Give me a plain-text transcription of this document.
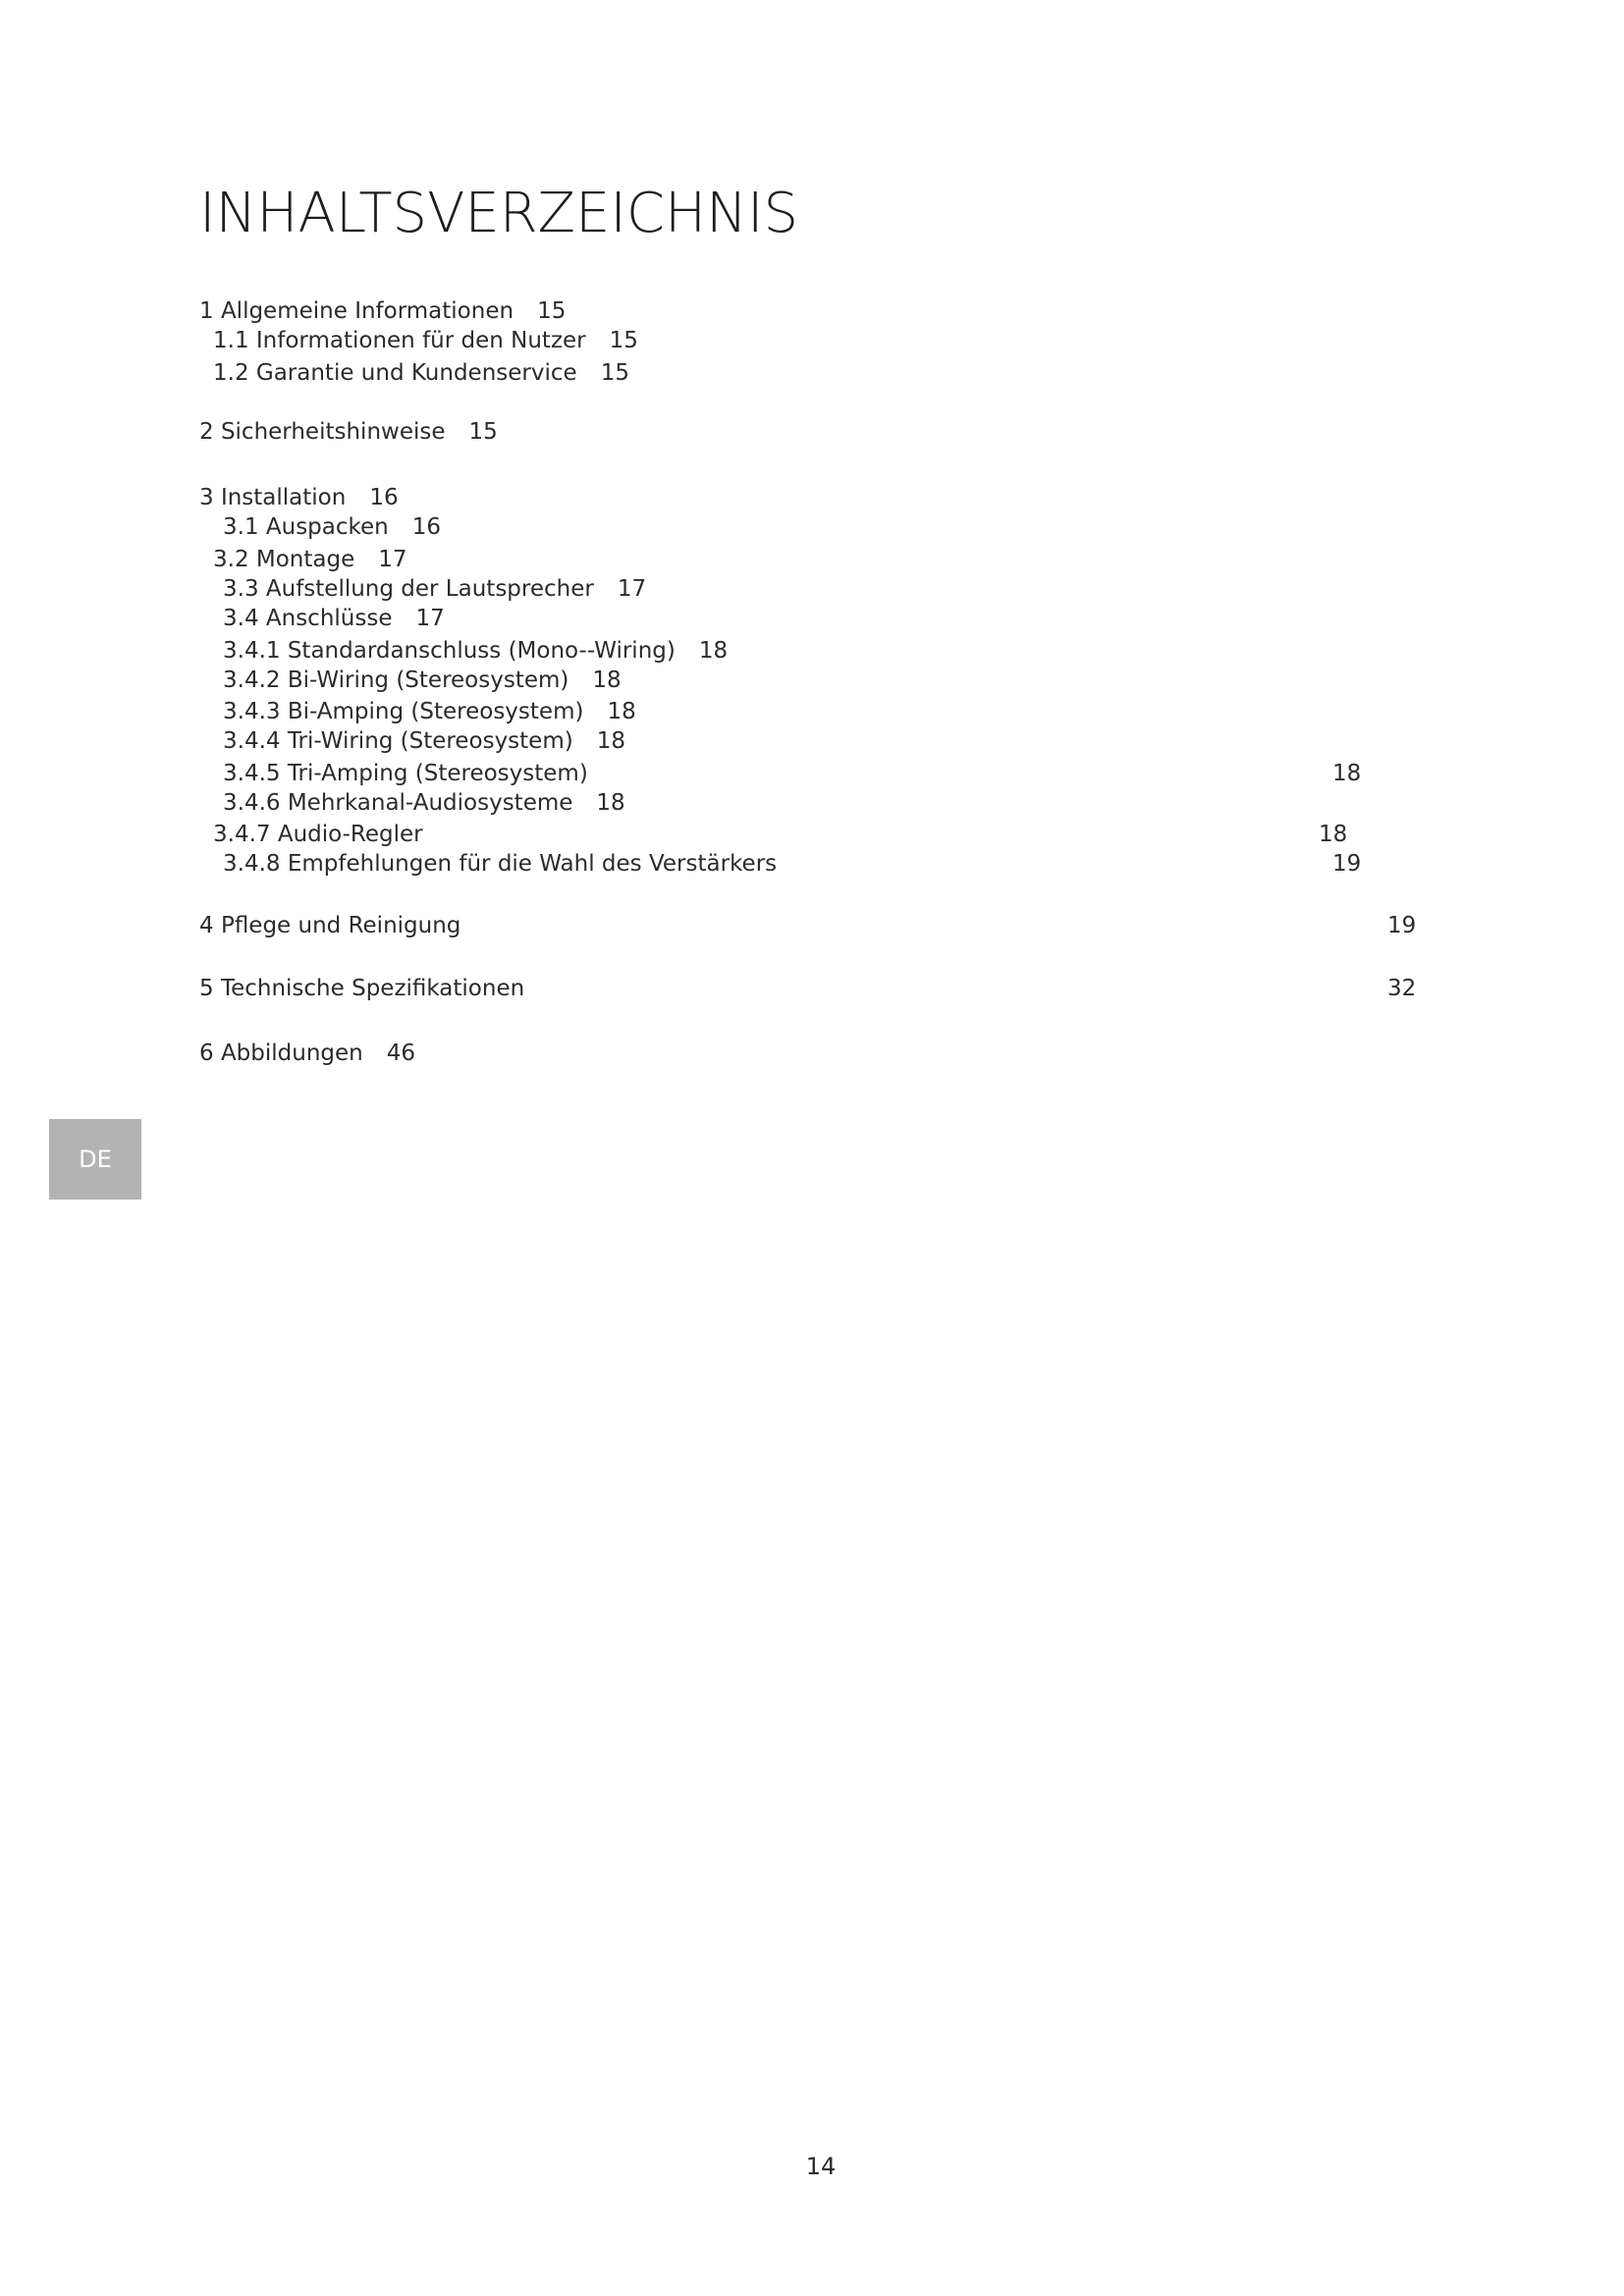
INHALTSVERZEICHNIS
1 Allgemeine Informationen 15
1.1 Informationen für den Nutzer 15
1.2 Garantie und Kundenservice 15
2 Sicherheitshinweise 15
3 Installation 16
3.1 Auspacken 16
3.2 Montage 17
3.3 Aufstellung der Lautsprecher 17
3.4 Anschlüsse 17
3.4.1 Standardanschluss (Mono--Wiring) 18
3.4.2 Bi-Wiring (Stereosystem) 18
3.4.3 Bi-Amping (Stereosystem) 18
3.4.4 Tri-Wiring (Stereosystem) 18
3.4.5 Tri-Amping (Stereosystem)	18
3.4.6 Mehrkanal-Audiosysteme 18
3.4.7 Audio-Regler	18
3.4.8 Empfehlungen für die Wahl des Verstärkers	19
4 Pflege und Reinigung	19
5 Technische Spezifikationen	32
6 Abbildungen 46
DE
14
